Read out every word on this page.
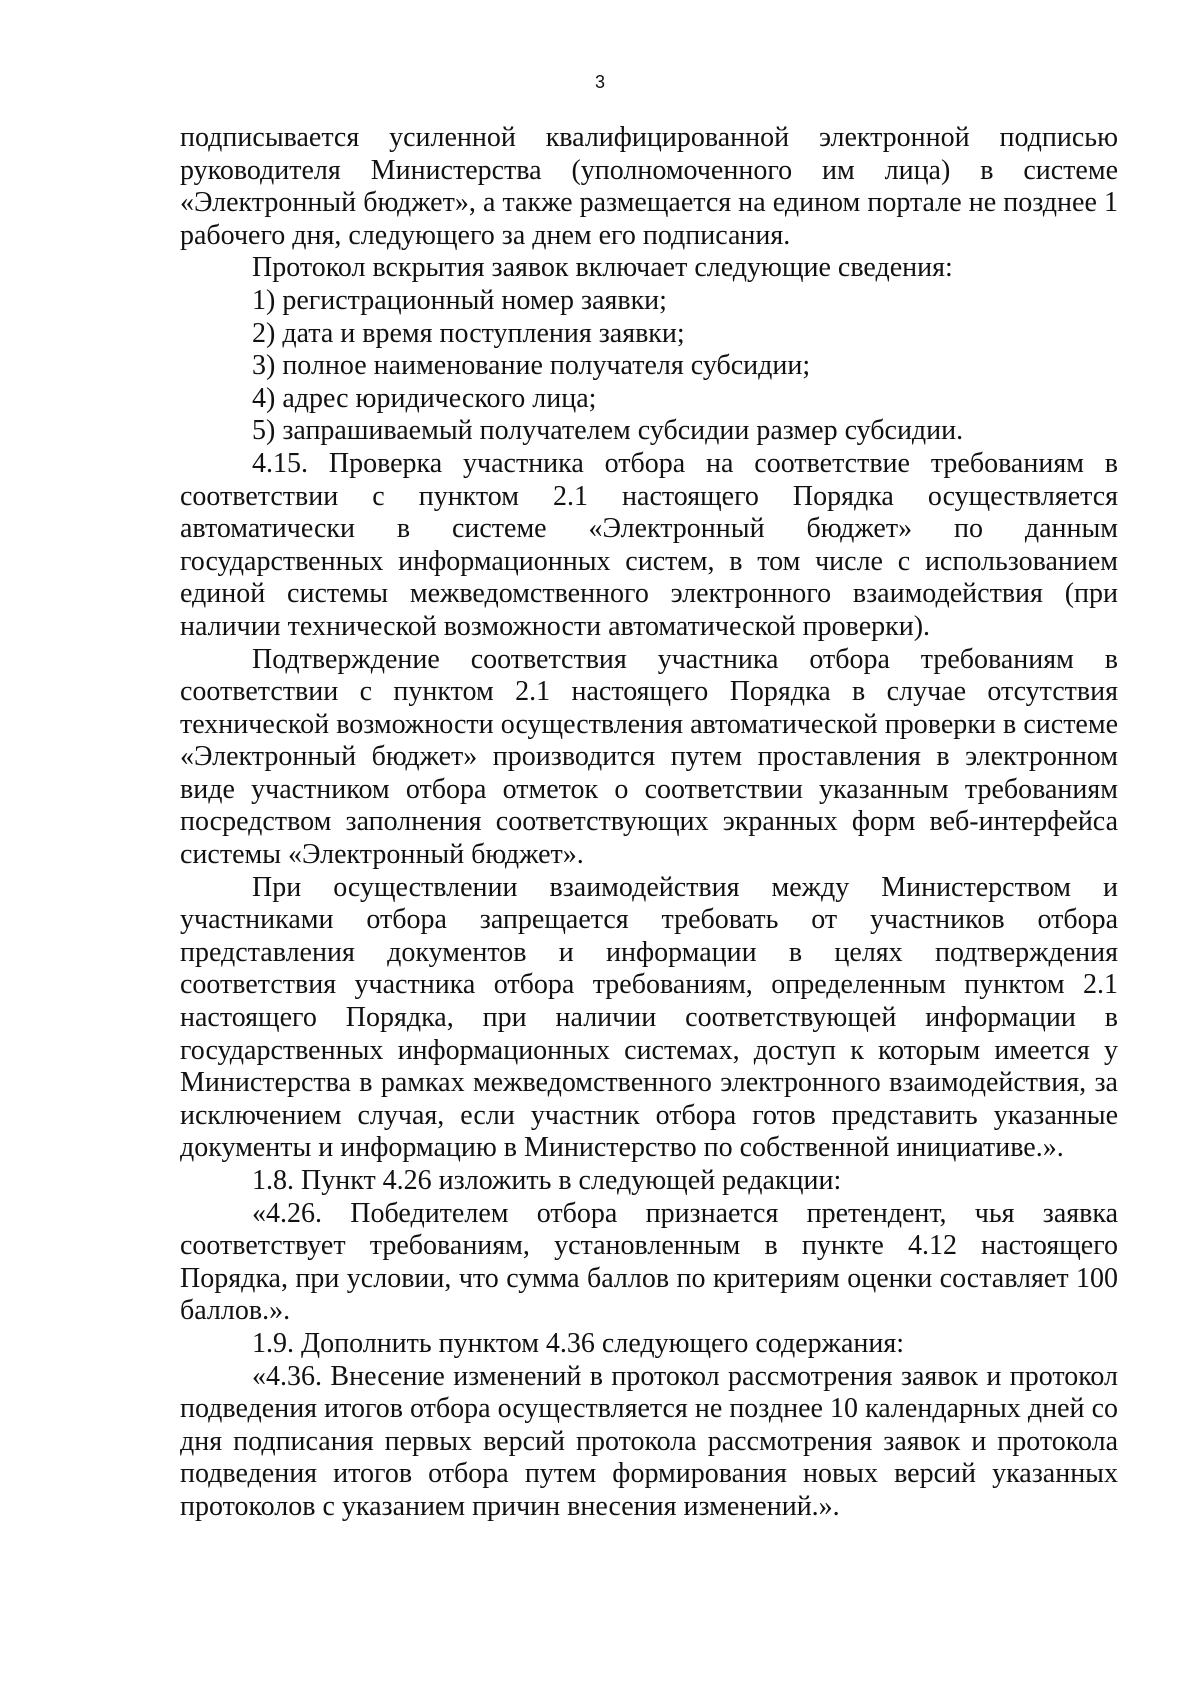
3

подписывается усиленной квалифицированной электронной подписью руководителя Министерства (уполномоченного им лица) в системе «Электронный бюджет», а также размещается на едином портале не позднее 1 рабочего дня, следующего за днем его подписания.

Протокол вскрытия заявок включает следующие сведения:

1) регистрационный номер заявки;

2) дата и время поступления заявки;

3) полное наименование получателя субсидии;

4) адрес юридического лица;

5) запрашиваемый получателем субсидии размер субсидии.

4.15. Проверка участника отбора на соответствие требованиям в соответствии с пунктом 2.1 настоящего Порядка осуществляется автоматически в системе «Электронный бюджет» по данным государственных информационных систем, в том числе с использованием единой системы межведомственного электронного взаимодействия (при наличии технической возможности автоматической проверки).

Подтверждение соответствия участника отбора требованиям в соответствии с пунктом 2.1 настоящего Порядка в случае отсутствия технической возможности осуществления автоматической проверки в системе «Электронный бюджет» производится путем проставления в электронном виде участником отбора отметок о соответствии указанным требованиям посредством заполнения соответствующих экранных форм веб-интерфейса системы «Электронный бюджет».

При осуществлении взаимодействия между Министерством и участниками отбора запрещается требовать от участников отбора представления документов и информации в целях подтверждения соответствия участника отбора требованиям, определенным пунктом 2.1 настоящего Порядка, при наличии соответствующей информации в государственных информационных системах, доступ к которым имеется у Министерства в рамках межведомственного электронного взаимодействия, за исключением случая, если участник отбора готов представить указанные документы и информацию в Министерство по собственной инициативе.».

1.8. Пункт 4.26 изложить в следующей редакции:

«4.26. Победителем отбора признается претендент, чья заявка соответствует требованиям, установленным в пункте 4.12 настоящего Порядка, при условии, что сумма баллов по критериям оценки составляет 100 баллов.».

1.9. Дополнить пунктом 4.36 следующего содержания:

«4.36. Внесение изменений в протокол рассмотрения заявок и протокол подведения итогов отбора осуществляется не позднее 10 календарных дней со дня подписания первых версий протокола рассмотрения заявок и протокола подведения итогов отбора путем формирования новых версий указанных протоколов с указанием причин внесения изменений.».
